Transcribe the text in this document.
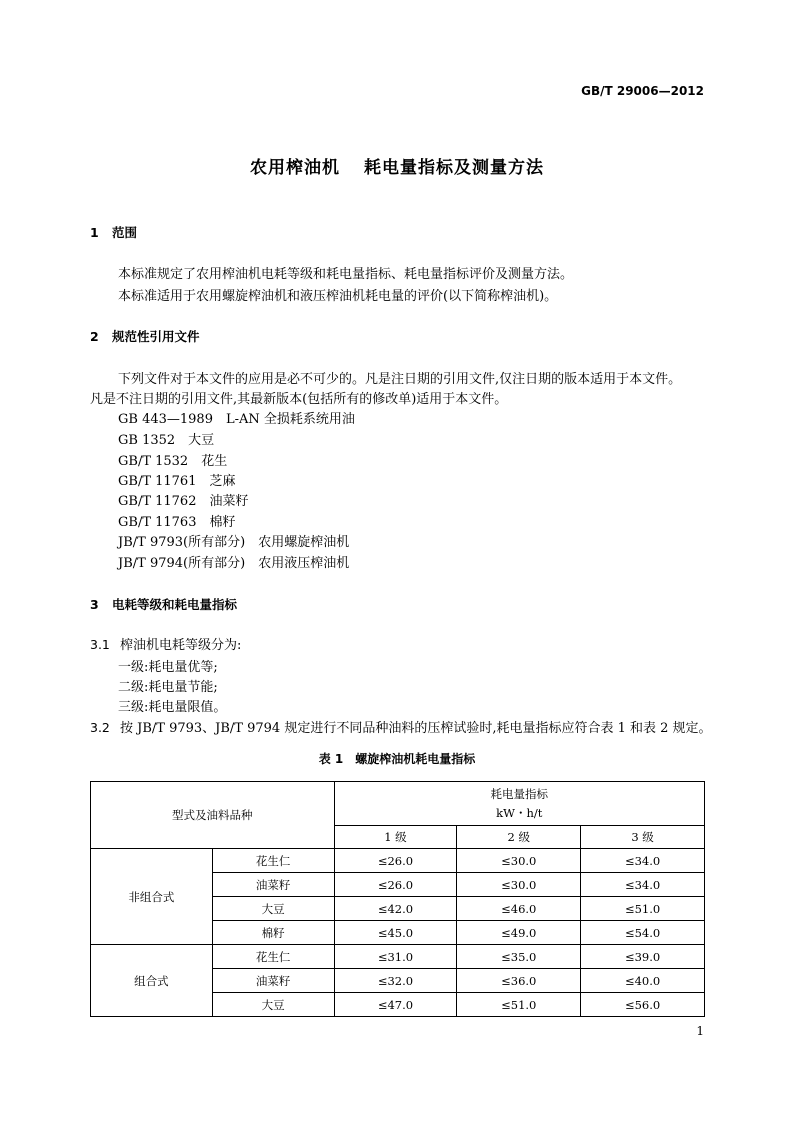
GB/T 29006—2012
农用榨油机 耗电量指标及测量方法
1 范围
本标准规定了农用榨油机电耗等级和耗电量指标、耗电量指标评价及测量方法。
本标准适用于农用螺旋榨油机和液压榨油机耗电量的评价(以下简称榨油机)。
2 规范性引用文件
下列文件对于本文件的应用是必不可少的。凡是注日期的引用文件,仅注日期的版本适用于本文件。
凡是不注日期的引用文件,其最新版本(包括所有的修改单)适用于本文件。
GB 443—1989　 L-AN 全损耗系统用油
GB 1352　 大豆
GB/T 1532　 花生
GB/T 11761　 芝麻
GB/T 11762　 油菜籽
GB/T 11763　 棉籽
JB/T 9793(所有部分)　 农用螺旋榨油机
JB/T 9794(所有部分)　 农用液压榨油机
3 电耗等级和耗电量指标
3.1 榨油机电耗等级分为:
一级:耗电量优等;
二级:耗电量节能;
三级:耗电量限值。
3.2 按 JB/T 9793、JB/T 9794 规定进行不同品种油料的压榨试验时,耗电量指标应符合表 1 和表 2 规定。
表 1　螺旋榨油机耗电量指标
型式及油料品种		耗电量指标
kW・h/t		

		1 级	2 级	3 级
非组合式	花生仁	≤26.0	≤30.0	≤34.0
	油菜籽	≤26.0	≤30.0	≤34.0
	大豆	≤42.0	≤46.0	≤51.0
	棉籽	≤45.0	≤49.0	≤54.0
组合式	花生仁	≤31.0	≤35.0	≤39.0
	油菜籽	≤32.0	≤36.0	≤40.0
	大豆	≤47.0	≤51.0	≤56.0
1
